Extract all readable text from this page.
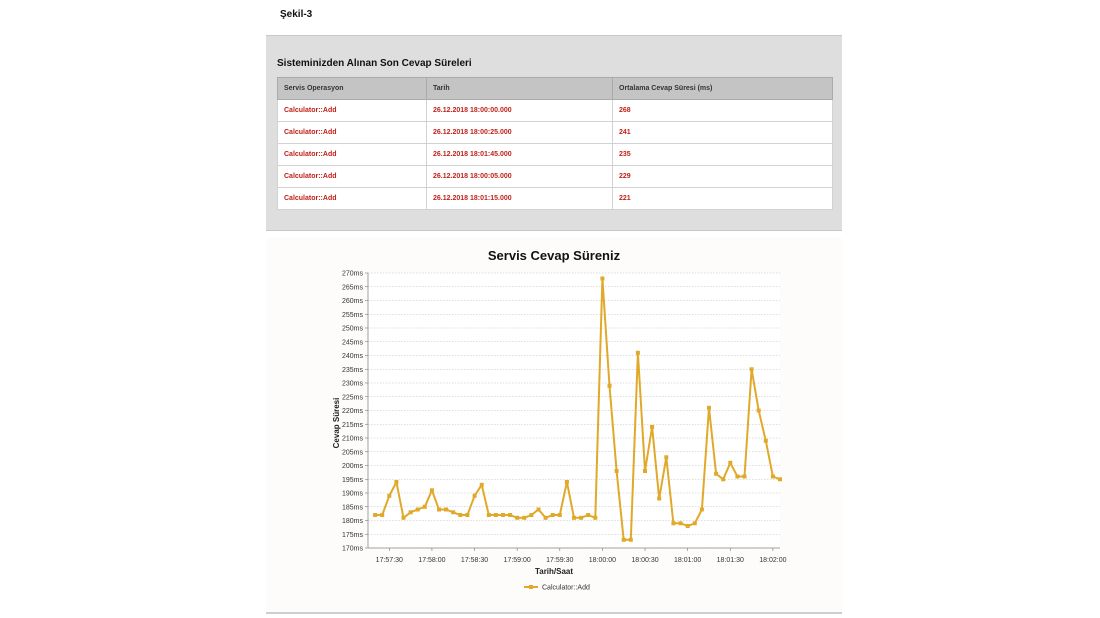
Şekil-3
Sisteminizden Alınan Son Cevap Süreleri
Servis Operasyon	Tarih	Ortalama Cevap Süresi (ms)
Calculator::Add	26.12.2018 18:00:00.000	268
Calculator::Add	26.12.2018 18:00:25.000	241
Calculator::Add	26.12.2018 18:01:45.000	235
Calculator::Add	26.12.2018 18:00:05.000	229
Calculator::Add	26.12.2018 18:01:15.000	221
Servis Cevap Süreniz
Cevap Süresi
Tarih/Saat
170ms
175ms
180ms
185ms
190ms
195ms
200ms
205ms
210ms
215ms
220ms
225ms
230ms
235ms
240ms
245ms
250ms
255ms
260ms
265ms
270ms
17:57:30 17:58:00 17:58:30 17:59:00 17:59:30 18:00:00 18:00:30 18:01:00 18:01:30 18:02:00
Calculator::Add
